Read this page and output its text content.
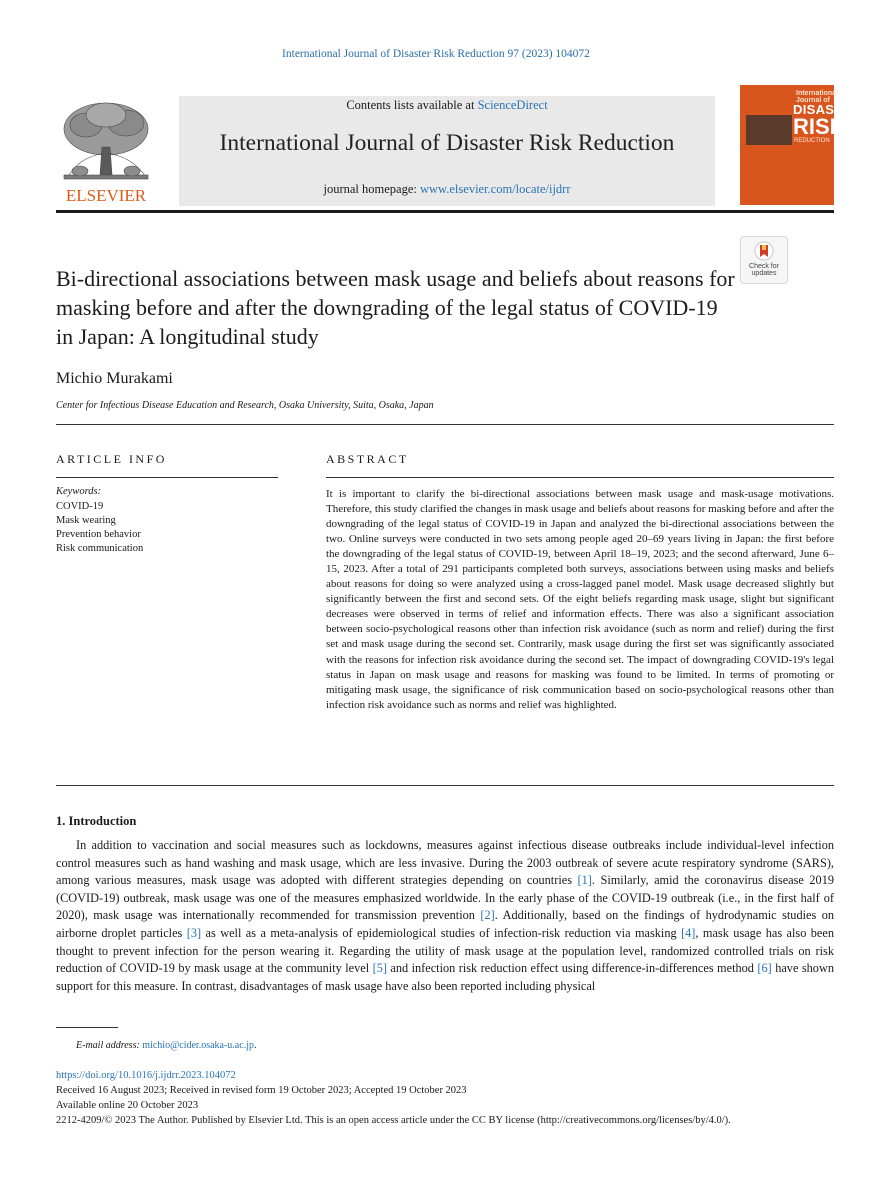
International Journal of Disaster Risk Reduction 97 (2023) 104072
ELSEVIER
Contents lists available at ScienceDirect
International Journal of Disaster Risk Reduction
journal homepage: www.elsevier.com/locate/ijdrr
International Journal of
DISASTER
RISK
REDUCTION
Check for updates
Bi-directional associations between mask usage and beliefs about reasons for masking before and after the downgrading of the legal status of COVID-19 in Japan: A longitudinal study
Michio Murakami
Center for Infectious Disease Education and Research, Osaka University, Suita, Osaka, Japan
ARTICLE INFO
Keywords:
COVID-19
Mask wearing
Prevention behavior
Risk communication
ABSTRACT
It is important to clarify the bi-directional associations between mask usage and mask-usage motivations. Therefore, this study clarified the changes in mask usage and beliefs about reasons for masking before and after the downgrading of the legal status of COVID-19 in Japan and analyzed the bi-directional associations between the two. Online surveys were conducted in two sets among people aged 20–69 years living in Japan: the first before the downgrading of the legal status of COVID-19, between April 18–19, 2023; and the second afterward, June 6–15, 2023. After a total of 291 participants completed both surveys, associations between using masks and beliefs about reasons for doing so were analyzed using a cross-lagged panel model. Mask usage decreased slightly but significantly between the first and second sets. Of the eight beliefs regarding mask usage, slight but significant decreases were observed in terms of relief and information effects. There was also a significant association between socio-psychological reasons other than infection risk avoidance (such as norm and relief) during the first set and mask usage during the second set. Contrarily, mask usage during the first set was significantly associated with the reasons for infection risk avoidance during the second set. The impact of downgrading COVID-19's legal status in Japan on mask usage and reasons for masking was found to be limited. In terms of promoting or mitigating mask usage, the significance of risk communication based on socio-psychological reasons other than infection risk avoidance such as norms and relief was highlighted.
1. Introduction
In addition to vaccination and social measures such as lockdowns, measures against infectious disease outbreaks include individual-level infection control measures such as hand washing and mask usage, which are less invasive. During the 2003 outbreak of severe acute respiratory syndrome (SARS), among various measures, mask usage was adopted with different strategies depending on countries [1]. Similarly, amid the coronavirus disease 2019 (COVID-19) outbreak, mask usage was one of the measures emphasized worldwide. In the early phase of the COVID-19 outbreak (i.e., in the first half of 2020), mask usage was internationally recommended for transmission prevention [2]. Additionally, based on the findings of hydrodynamic studies on airborne droplet particles [3] as well as a meta-analysis of epidemiological studies of infection-risk reduction via masking [4], mask usage has also been thought to prevent infection for the person wearing it. Regarding the utility of mask usage at the population level, randomized controlled trials on risk reduction of COVID-19 by mask usage at the community level [5] and infection risk reduction effect using difference-in-differences method [6] have shown support for this measure. In contrast, disadvantages of mask usage have also been reported including physical
E-mail address: michio@cider.osaka-u.ac.jp.
https://doi.org/10.1016/j.ijdrr.2023.104072
Received 16 August 2023; Received in revised form 19 October 2023; Accepted 19 October 2023
Available online 20 October 2023
2212-4209/© 2023 The Author. Published by Elsevier Ltd. This is an open access article under the CC BY license (http://creativecommons.org/licenses/by/4.0/).
